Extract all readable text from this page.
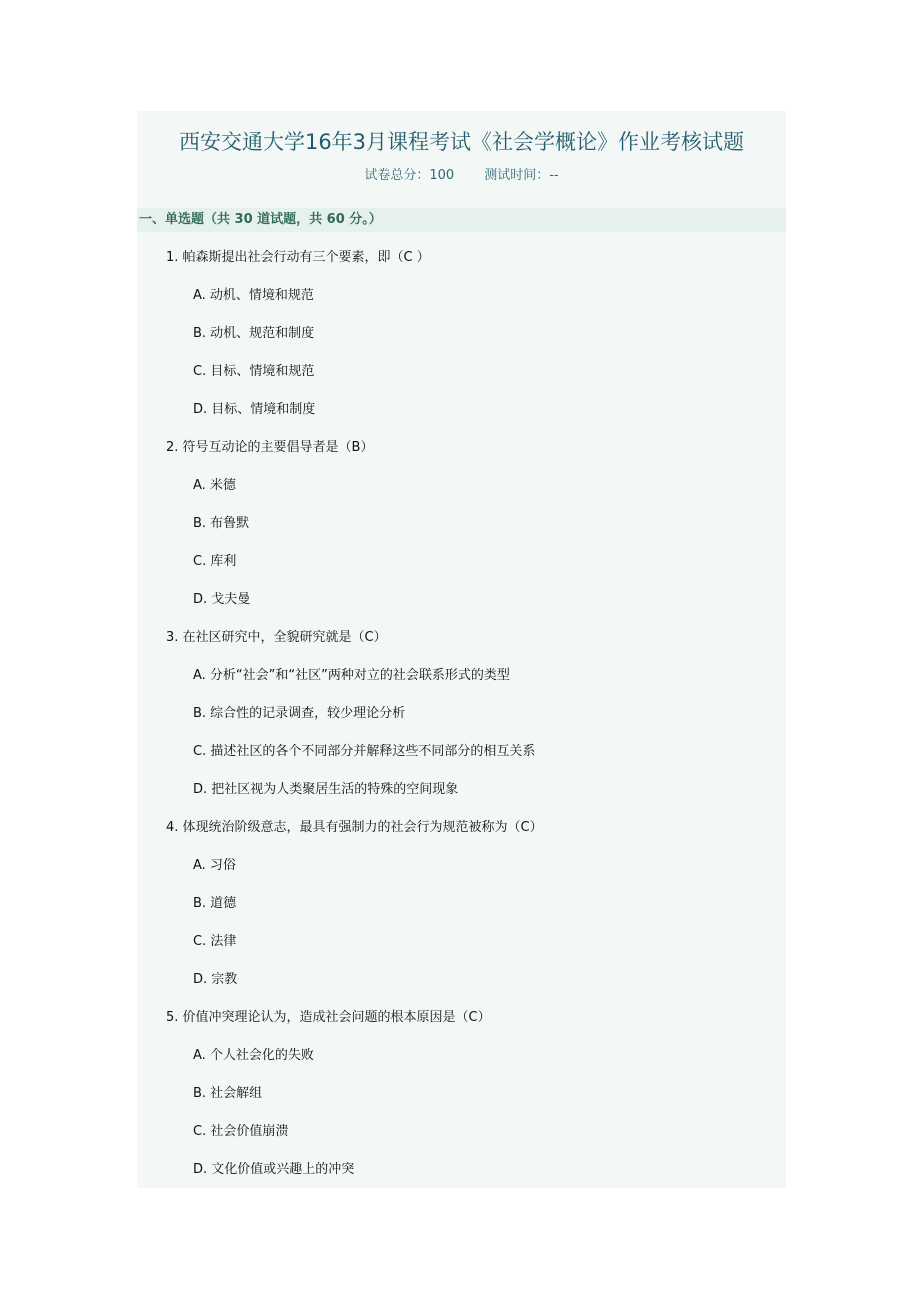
西安交通大学16年3月课程考试《社会学概论》作业考核试题
试卷总分：100 测试时间：--
一、单选题（共 30 道试题，共 60 分。）
1. 帕森斯提出社会行动有三个要素，即（C ）
A. 动机、情境和规范
B. 动机、规范和制度
C. 目标、情境和规范
D. 目标、情境和制度
2. 符号互动论的主要倡导者是（B）
A. 米德
B. 布鲁默
C. 库利
D. 戈夫曼
3. 在社区研究中，全貌研究就是（C）
A. 分析“社会”和“社区”两种对立的社会联系形式的类型
B. 综合性的记录调查，较少理论分析
C. 描述社区的各个不同部分并解释这些不同部分的相互关系
D. 把社区视为人类聚居生活的特殊的空间现象
4. 体现统治阶级意志，最具有强制力的社会行为规范被称为（C）
A. 习俗
B. 道德
C. 法律
D. 宗教
5. 价值冲突理论认为，造成社会问题的根本原因是（C）
A. 个人社会化的失败
B. 社会解组
C. 社会价值崩溃
D. 文化价值或兴趣上的冲突
